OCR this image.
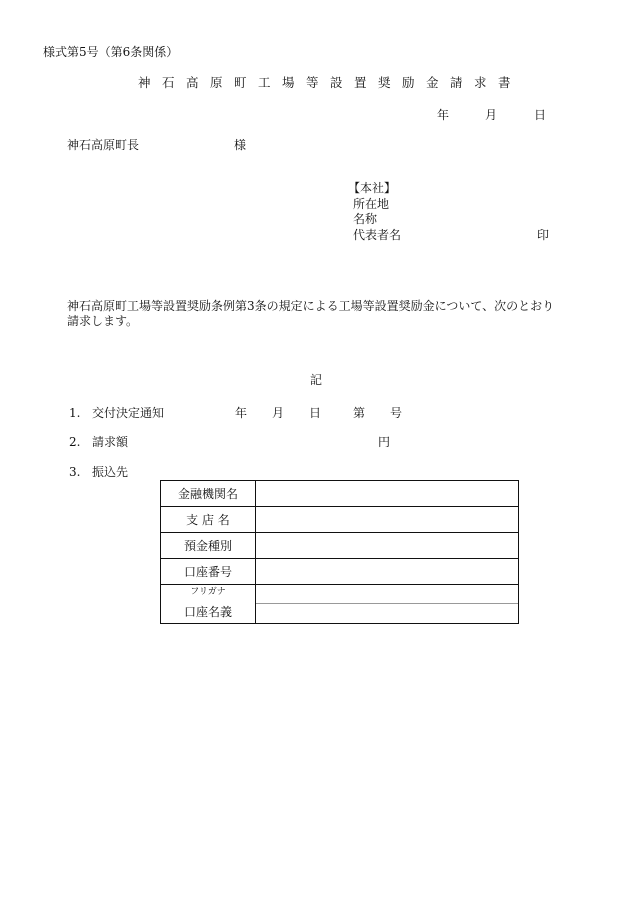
様式第5号（第6条関係）
神 石 高 原 町 工 場 等 設 置 奨 励 金 請 求 書
年	月	日
神石高原町長	様
【本社】
所在地
名称
代表者名	印
神石高原町工場等設置奨励条例第3条の規定による工場等設置奨励金について、次のとおり請求します。
記
1. 交付決定通知	年 月 日	第 号
2. 請求額	円
3. 振込先
金融機関名	
支 店 名	
預金種別	
口座番号	

フリガナ
口座名義	
